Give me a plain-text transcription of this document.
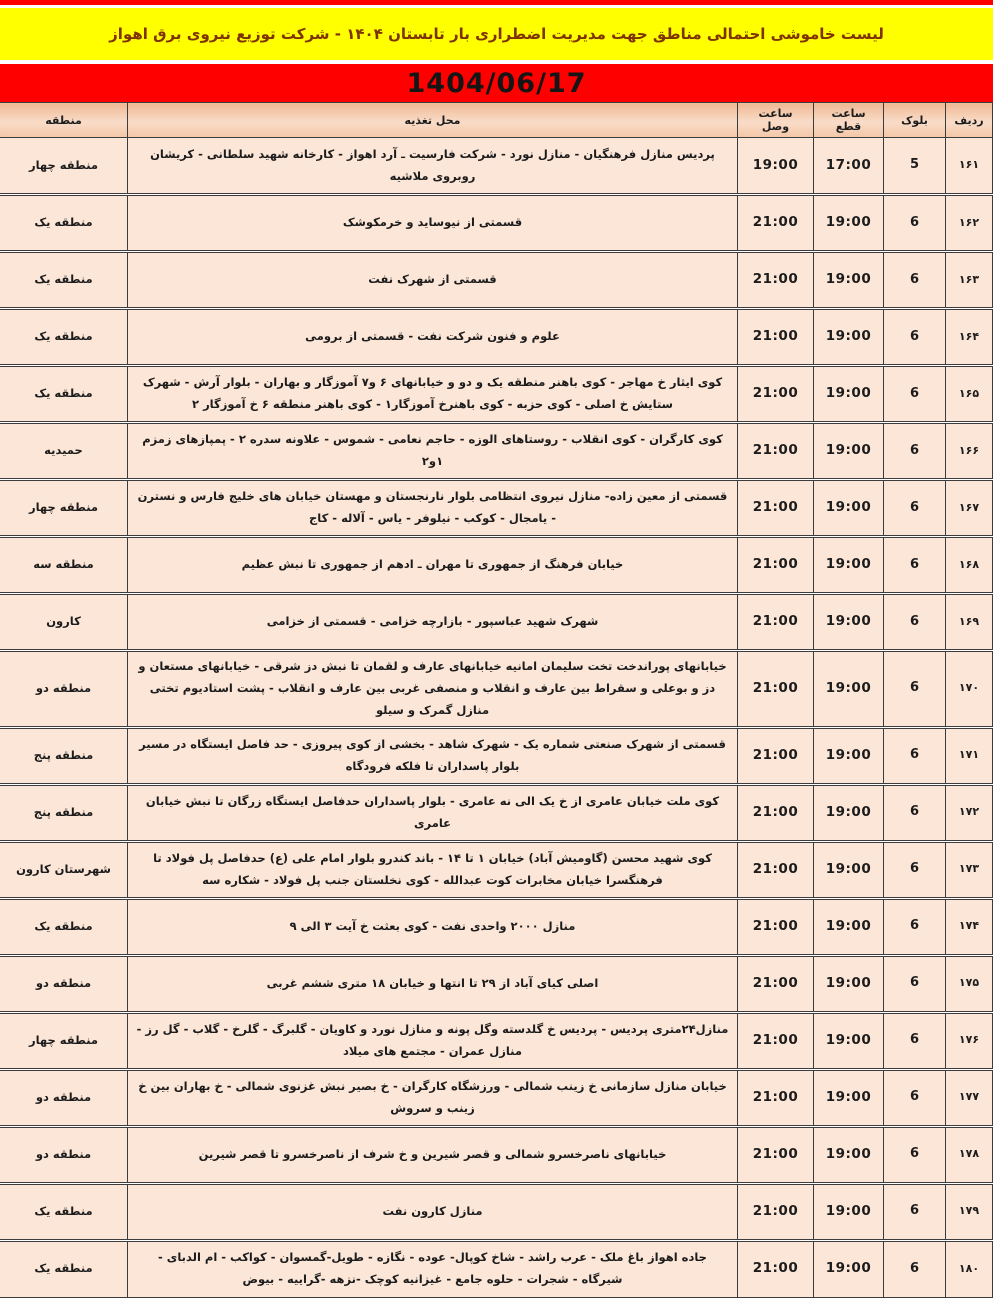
لیست خاموشی احتمالی مناطق جهت مدیریت اضطراری بار تابستان ۱۴۰۴ - شرکت توزیع نیروی برق اهواز
1404/06/17
ردیف	بلوک	ساعت قطع	ساعت وصل	محل تغذیه	منطقه
۱۶۱	5	17:00	19:00	پردیس منازل فرهنگیان - منازل نورد - شرکت فارسیت ـ آرد اهواز - کارخانه شهید سلطانی - کریشان روبروی ملاشیه	منطقه چهار
۱۶۲	6	19:00	21:00	قسمتی از نیوساید و خرمکوشک	منطقه یک
۱۶۳	6	19:00	21:00	قسمتی از شهرک نفت	منطقه یک
۱۶۴	6	19:00	21:00	علوم و فنون شرکت نفت - قسمتی از برومی	منطقه یک
۱۶۵	6	19:00	21:00	کوی ایثار خ مهاجر - کوی باهنر منطقه یک و دو و خیابانهای ۶ و۷ آموزگار و بهاران - بلوار آرش - شهرک ستایش خ اصلی - کوی حزبه - کوی باهنرخ آموزگار۱ - کوی باهنر منطقه ۶ خ آموزگار ۲	منطقه یک
۱۶۶	6	19:00	21:00	کوی کارگران - کوی انقلاب - روستاهای الوزه - حاجم نعامی - شموس - علاونه سدره ۲ - پمپازهای زمزم ۱و۲	حمیدیه
۱۶۷	6	19:00	21:00	قسمتی از معین زاده- منازل نیروی انتظامی بلوار نارنجستان و مهستان خیابان های خلیج فارس و نسترن - یامجال - کوکب - نیلوفر - یاس - آلاله - کاج	منطقه چهار
۱۶۸	6	19:00	21:00	خیابان فرهنگ از جمهوری تا مهران ـ ادهم از جمهوری تا نبش عظیم	منطقه سه
۱۶۹	6	19:00	21:00	شهرک شهید عباسپور - بازارچه خزامی - قسمتی از خزامی	کارون
۱۷۰	6	19:00	21:00	خیابانهای پوراندخت تخت سلیمان امانیه خیابانهای عارف و لقمان تا نبش دز شرقی - خیابانهای مستعان و دز و بوعلی و سقراط بین عارف و انقلاب و منصفی غربی بین عارف و انقلاب - پشت استادیوم تختی منازل گمرک و سیلو	منطقه دو
۱۷۱	6	19:00	21:00	قسمتی از شهرک صنعتی شماره یک - شهرک شاهد - بخشی از کوی پیروزی - حد فاصل ایستگاه در مسیر بلوار پاسداران تا فلکه فرودگاه	منطقه پنج
۱۷۲	6	19:00	21:00	کوی ملت خیابان عامری از خ یک الی نه عامری - بلوار پاسداران حدفاصل ایستگاه زرگان تا نبش خیابان عامری	منطقه پنج
۱۷۳	6	19:00	21:00	کوی شهید محسن (گاومیش آباد) خیابان ۱ تا ۱۴ - باند کندرو بلوار امام علی (ع) حدفاصل پل فولاد تا فرهنگسرا خیابان مخابرات کوت عبدالله - کوی نخلستان جنب پل فولاد - شکاره سه	شهرستان کارون
۱۷۴	6	19:00	21:00	منازل ۲۰۰۰ واحدی نفت - کوی بعثت خ آیت ۳ الی ۹	منطقه یک
۱۷۵	6	19:00	21:00	اصلی کیای آباد از ۲۹ تا انتها و خیابان ۱۸ متری ششم غربی	منطقه دو
۱۷۶	6	19:00	21:00	منازل۲۴متری پردیس - پردیس خ گلدسته وگل پونه و منازل نورد و کاویان - گلبرگ - گلرخ - گلاب - گل رز - منازل عمران - مجتمع های میلاد	منطقه چهار
۱۷۷	6	19:00	21:00	خیابان منازل سازمانی خ زینب شمالی - ورزشگاه کارگران - خ بصیر نبش غزنوی شمالی - خ بهاران بین خ زینب و سروش	منطقه دو
۱۷۸	6	19:00	21:00	خیابانهای ناصرخسرو شمالی و قصر شیرین و خ شرف از ناصرخسرو تا قصر شیرین	منطقه دو
۱۷۹	6	19:00	21:00	منازل کارون نفت	منطقه یک
۱۸۰	6	19:00	21:00	جاده اهواز باغ ملک - عرب راشد - شاخ کوپال- عوده - نگازه - طویل-گمسوان - کواکب - ام الدبای - شیرگاه - شجرات - حلوه جامع - غیزانیه کوچک -نزهه -گراییه - بیوض	منطقه یک
